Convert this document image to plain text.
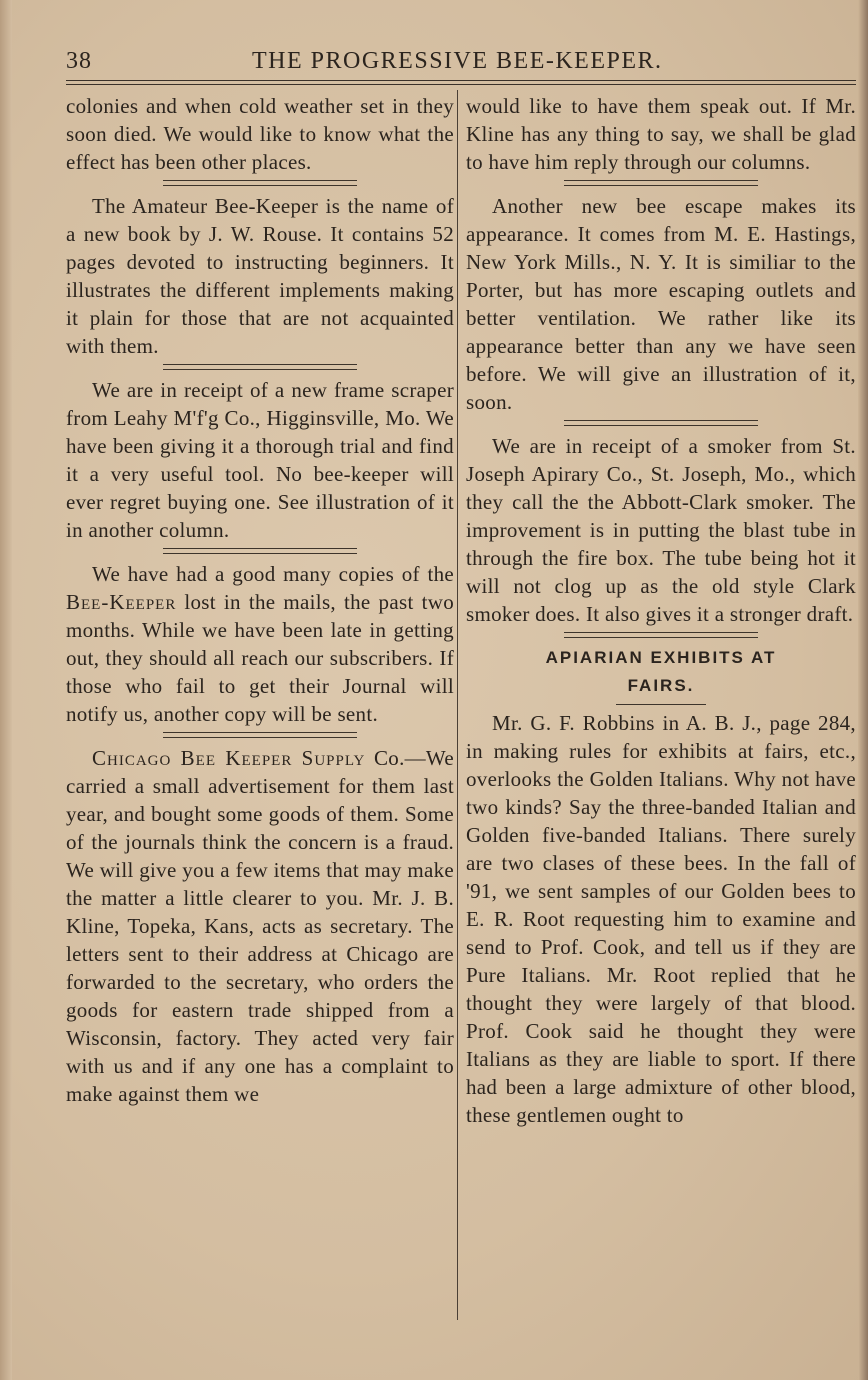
38	THE PROGRESSIVE BEE-KEEPER.

colonies and when cold weather set in they soon died. We would like to know what the effect has been other places.

The Amateur Bee-Keeper is the name of a new book by J. W. Rouse. It contains 52 pages devoted to instructing beginners. It illustrates the different implements making it plain for those that are not acquainted with them.

We are in receipt of a new frame scraper from Leahy M'f'g Co., Higginsville, Mo. We have been giving it a thorough trial and find it a very useful tool. No bee-keeper will ever regret buying one. See illustration of it in another column.

We have had a good many copies of the Bee-Keeper lost in the mails, the past two months. While we have been late in getting out, they should all reach our subscribers. If those who fail to get their Journal will notify us, another copy will be sent.

Chicago Bee Keeper Supply Co.—We carried a small advertisement for them last year, and bought some goods of them. Some of the journals think the concern is a fraud. We will give you a few items that may make the matter a little clearer to you. Mr. J. B. Kline, Topeka, Kans, acts as secretary. The letters sent to their address at Chicago are forwarded to the secretary, who orders the goods for eastern trade shipped from a Wisconsin, factory. They acted very fair with us and if any one has a complaint to make against them we

would like to have them speak out. If Mr. Kline has any thing to say, we shall be glad to have him reply through our columns.

Another new bee escape makes its appearance. It comes from M. E. Hastings, New York Mills., N. Y. It is similiar to the Porter, but has more escaping outlets and better ventilation. We rather like its appearance better than any we have seen before. We will give an illustration of it, soon.

We are in receipt of a smoker from St. Joseph Apirary Co., St. Joseph, Mo., which they call the the Abbott-Clark smoker. The improvement is in putting the blast tube in through the fire box. The tube being hot it will not clog up as the old style Clark smoker does. It also gives it a stronger draft.

APIARIAN EXHIBITS AT
FAIRS.

Mr. G. F. Robbins in A. B. J., page 284, in making rules for exhibits at fairs, etc., overlooks the Golden Italians. Why not have two kinds? Say the three-banded Italian and Golden five-banded Italians. There surely are two clases of these bees. In the fall of '91, we sent samples of our Golden bees to E. R. Root requesting him to examine and send to Prof. Cook, and tell us if they are Pure Italians. Mr. Root replied that he thought they were largely of that blood. Prof. Cook said he thought they were Italians as they are liable to sport. If there had been a large admixture of other blood, these gentlemen ought to
